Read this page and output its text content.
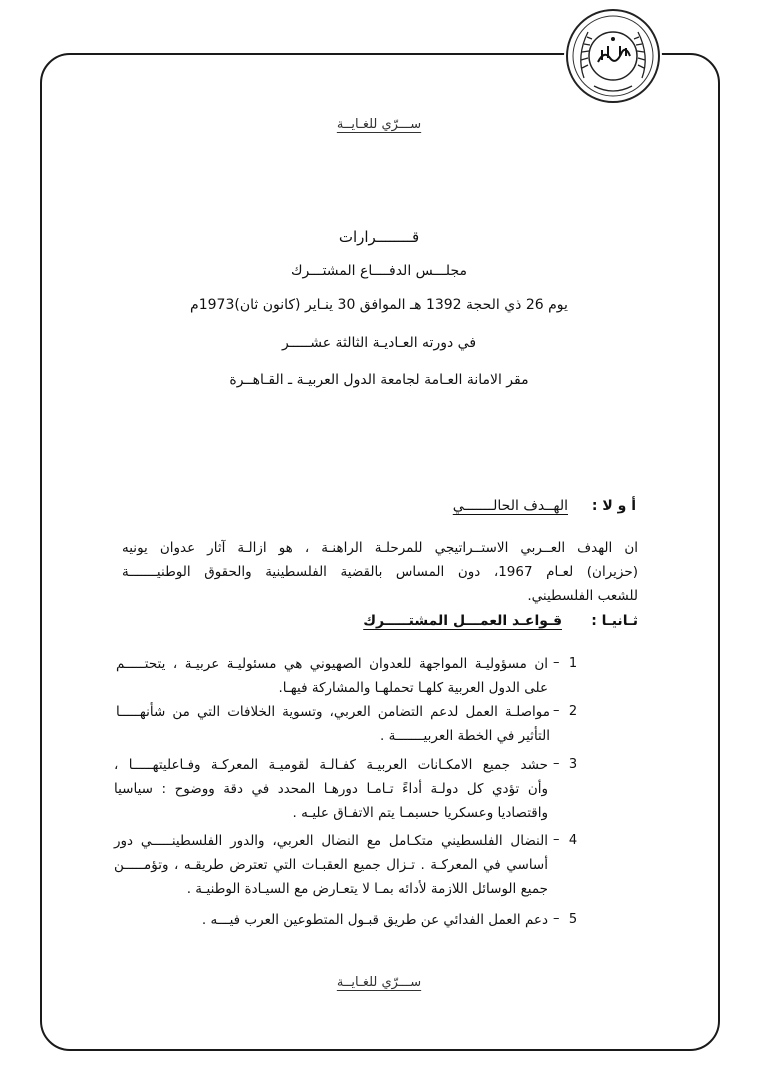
ســـرّي للغـايــة
قــــــــرارات
مجلـــس الدفــــاع المشتـــرك
يوم 26 ذي الحجة 1392 هـ الموافق 30 ينـاير (كانون ثان)1973م
في دورته العـاديـة الثالثة عشـــــر
مقر الامانة العـامة لجامعة الدول العربيـة ـ القـاهــرة
أ و لا :
الهــدف الحالـــــــي
ان الهدف العــربي الاستــراتيجي للمرحلـة الراهنـة ، هو ازالـة آثار عدوان يونيه
(حزيران) لعـام 1967، دون المساس بالقضية الفلسطينية والحقوق الوطنيـــــــة
للشعب الفلسطيني.
ثـانيـا :
قـواعـد العمـــل المشتـــــرك
1
–
ان مسؤوليـة المواجهة للعدوان الصهيوني هي مسئوليـة عربيـة ، يتحتـــــم
على الدول العربية كلهـا تحملهـا والمشاركة فيهـا.
2
–
مواصلـة العمل لدعم التضامن العربي، وتسوية الخلافات التي من شأنهـــــا
التأثير في الخطة العربيـــــــة .
3
–
حشد جميع الامكـانات العربيـة كفـالـة لقوميـة المعركـة وفـاعليتهـــــا ،
وأن تؤدي كل دولـة أداءً تـامـا دورهـا المحدد في دقة ووضوح : سياسيا
واقتصاديا وعسكريا حسبمـا يتم الاتفـاق عليـه .
4
–
النضال الفلسطيني متكـامل مع النضال العربي، والدور الفلسطينـــــي دور
أساسي في المعركـة . تـزال جميع العقبـات التي تعترض طريقـه ، وتؤمـــــن
جميع الوسائل اللازمة لأدائه بمـا لا يتعـارض مع السيـادة الوطنيـة .
5
–
دعم العمل الفدائي عن طريق قبـول المتطوعين العرب فيـــه .
ســـرّي للغـايــة
